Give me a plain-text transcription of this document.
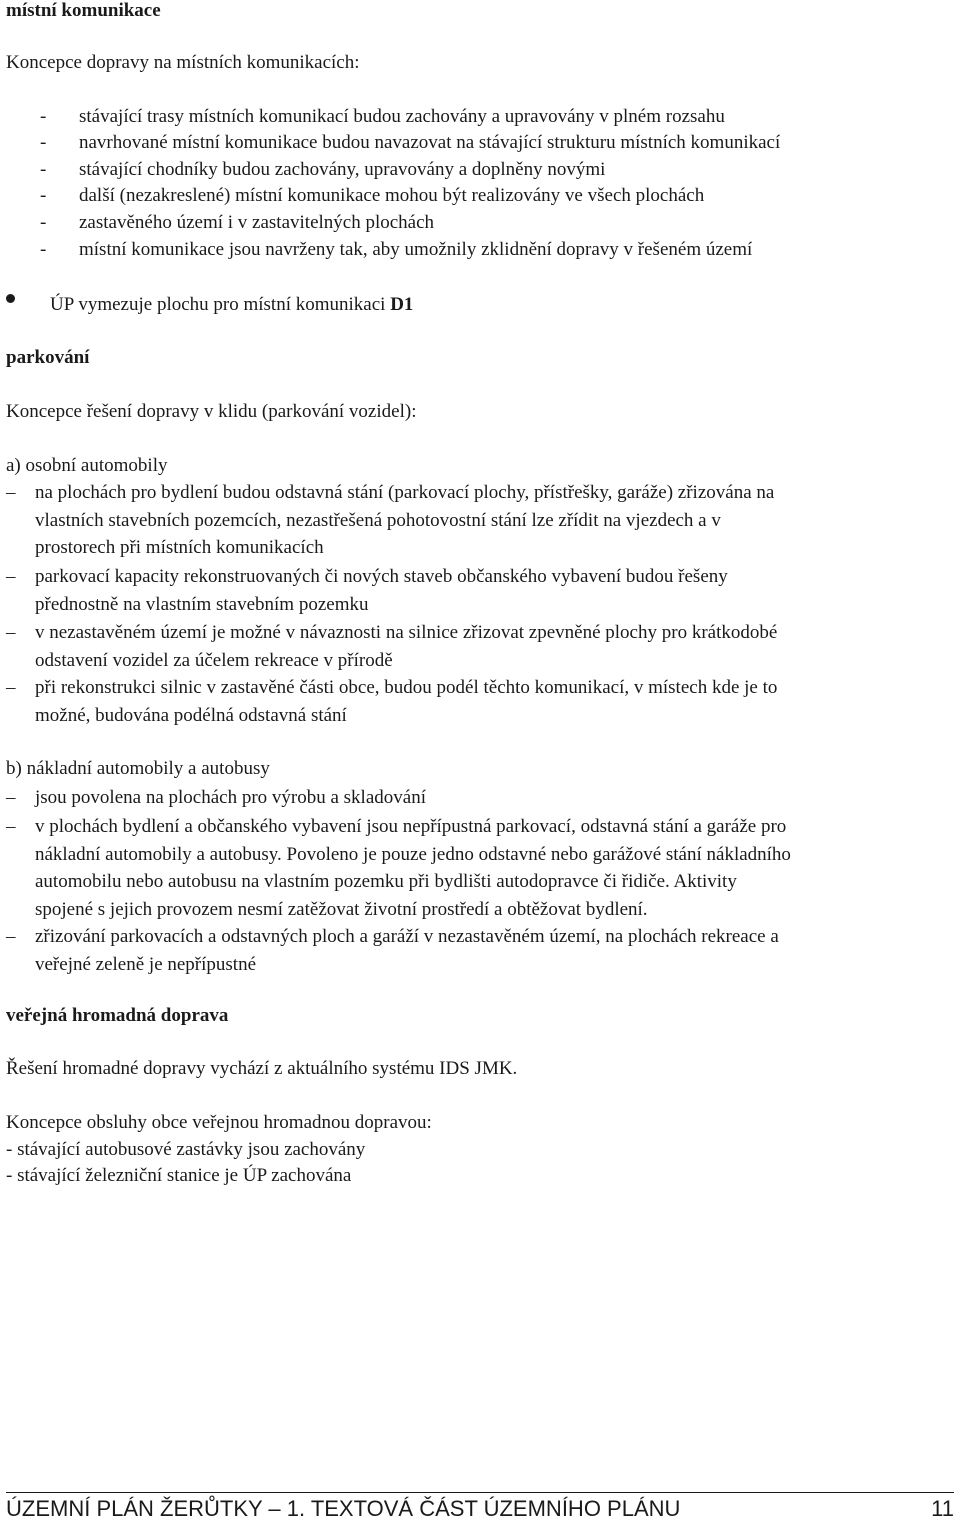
místní komunikace
Koncepce dopravy na místních komunikacích:
-	stávající trasy místních komunikací budou zachovány a upravovány v plném rozsahu
-	navrhované místní komunikace budou navazovat na stávající strukturu místních komunikací
-	stávající chodníky budou zachovány, upravovány a doplněny novými
-	další (nezakreslené) místní komunikace mohou být realizovány ve všech plochách
-	zastavěného území i v zastavitelných plochách
-	místní komunikace jsou navrženy tak, aby umožnily zklidnění dopravy v řešeném území
ÚP vymezuje plochu pro místní komunikaci D1
parkování
Koncepce řešení dopravy v klidu (parkování vozidel):
a) osobní automobily
– na plochách pro bydlení budou odstavná stání (parkovací plochy, přístřešky, garáže) zřizována na
vlastních stavebních pozemcích, nezastřešená pohotovostní stání lze zřídit na vjezdech a v
prostorech při místních komunikacích
– parkovací kapacity rekonstruovaných či nových staveb občanského vybavení budou řešeny
přednostně na vlastním stavebním pozemku
– v nezastavěném území je možné v návaznosti na silnice zřizovat zpevněné plochy pro krátkodobé
odstavení vozidel za účelem rekreace v přírodě
– při rekonstrukci silnic v zastavěné části obce, budou podél těchto komunikací, v místech kde je to
možné, budována podélná odstavná stání
b) nákladní automobily a autobusy
– jsou povolena na plochách pro výrobu a skladování
– v plochách bydlení a občanského vybavení jsou nepřípustná parkovací, odstavná stání a garáže pro
nákladní automobily a autobusy. Povoleno je pouze jedno odstavné nebo garážové stání nákladního
automobilu nebo autobusu na vlastním pozemku při bydlišti autodopravce či řidiče. Aktivity
spojené s jejich provozem nesmí zatěžovat životní prostředí a obtěžovat bydlení.
– zřizování parkovacích a odstavných ploch a garáží v nezastavěném území, na plochách rekreace a
veřejné zeleně je nepřípustné
veřejná hromadná doprava
Řešení hromadné dopravy vychází z aktuálního systému IDS JMK.
Koncepce obsluhy obce veřejnou hromadnou dopravou:
- stávající autobusové zastávky jsou zachovány
- stávající železniční stanice je ÚP zachována
ÚZEMNÍ PLÁN ŽERŮTKY – 1. TEXTOVÁ ČÁST ÚZEMNÍHO PLÁNU	11
